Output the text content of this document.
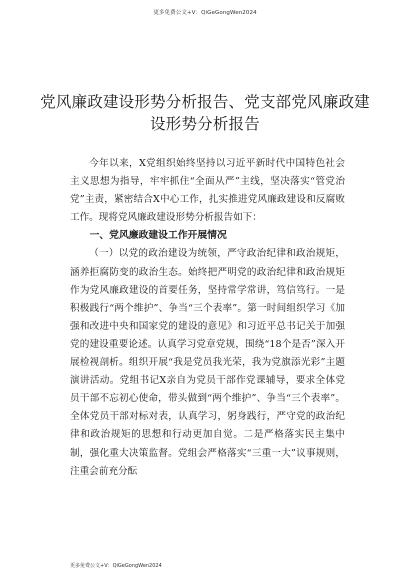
更多免费公文+V：QiGeGongWen2024
党风廉政建设形势分析报告、党支部党风廉政建设形势分析报告

今年以来，X党组织始终坚持以习近平新时代中国特色社会主义思想为指导，牢牢抓住“全面从严”主线，坚决落实“管党治党”主责，紧密结合X中心工作，扎实推进党风廉政建设和反腐败工作。现将党风廉政建设形势分析报告如下：

一、党风廉政建设工作开展情况

（一）以党的政治建设为统领，严守政治纪律和政治规矩，涵养拒腐防变的政治生态。始终把严明党的政治纪律和政治规矩作为党风廉政建设的首要任务，坚持常学常讲，笃信笃行。一是积极践行“两个维护”、争当“三个表率”。第一时间组织学习《加强和改进中央和国家党的建设的意见》和习近平总书记关于加强党的建设重要论述。认真学习党章党规，围绕“18个是否”深入开展检视剖析。组织开展“我是党员我光荣，我为党旗添光彩”主题演讲活动。党组书记X亲自为党员干部作党课辅导，要求全体党员干部不忘初心使命，带头做到“两个维护”、争当“三个表率”。全体党员干部对标对表，认真学习，躬身践行，严守党的政治纪律和政治规矩的思想和行动更加自觉。二是严格落实民主集中制，强化重大决策监督。党组会严格落实“三重一大”议事规则，注重会前充分酝

更多免费公文+V：QiGeGongWen2024
